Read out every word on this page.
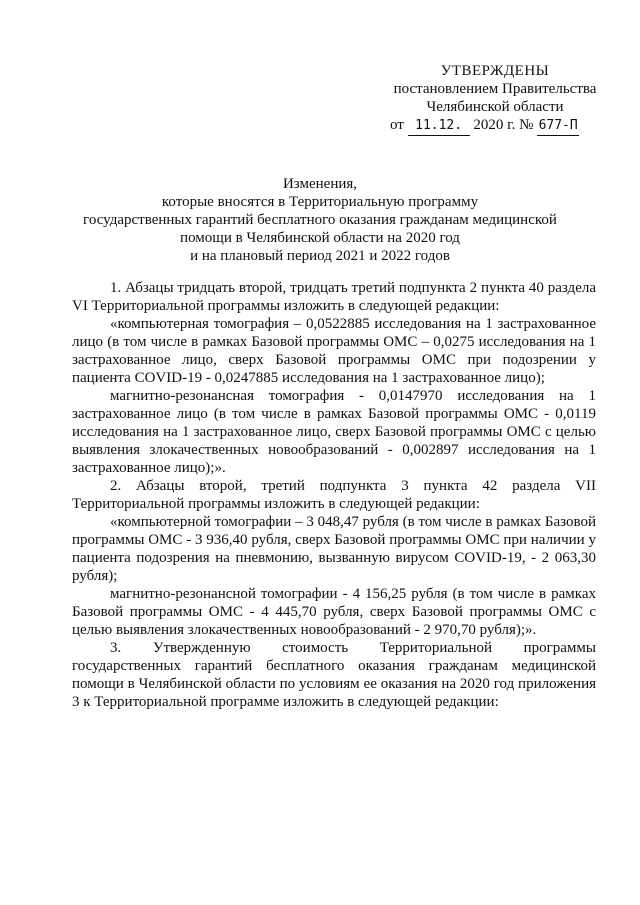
УТВЕРЖДЕНЫ
постановлением Правительства
Челябинской области
от 11.12. 2020 г. № 677-П
Изменения,
которые вносятся в Территориальную программу
государственных гарантий бесплатного оказания гражданам медицинской
помощи в Челябинской области на 2020 год
и на плановый период 2021 и 2022 годов

1. Абзацы тридцать второй, тридцать третий подпункта 2 пункта 40 раздела VI Территориальной программы изложить в следующей редакции:

«компьютерная томография – 0,0522885 исследования на 1 застрахованное лицо (в том числе в рамках Базовой программы ОМС – 0,0275 исследования на 1 застрахованное лицо, сверх Базовой программы ОМС при подозрении у пациента COVID-19 - 0,0247885 исследования на 1 застрахованное лицо);

магнитно-резонансная томография - 0,0147970 исследования на 1 застрахованное лицо (в том числе в рамках Базовой программы ОМС - 0,0119 исследования на 1 застрахованное лицо, сверх Базовой программы ОМС с целью выявления злокачественных новообразований - 0,002897 исследования на 1 застрахованное лицо);».

2. Абзацы второй, третий подпункта 3 пункта 42 раздела VII Территориальной программы изложить в следующей редакции:

«компьютерной томографии – 3 048,47 рубля (в том числе в рамках Базовой программы ОМС - 3 936,40 рубля, сверх Базовой программы ОМС при наличии у пациента подозрения на пневмонию, вызванную вирусом COVID-19, - 2 063,30 рубля);

магнитно-резонансной томографии - 4 156,25 рубля (в том числе в рамках Базовой программы ОМС - 4 445,70 рубля, сверх Базовой программы ОМС с целью выявления злокачественных новообразований - 2 970,70 рубля);».

3. Утвержденную стоимость Территориальной программы государственных гарантий бесплатного оказания гражданам медицинской помощи в Челябинской области по условиям ее оказания на 2020 год приложения 3 к Территориальной программе изложить в следующей редакции:
